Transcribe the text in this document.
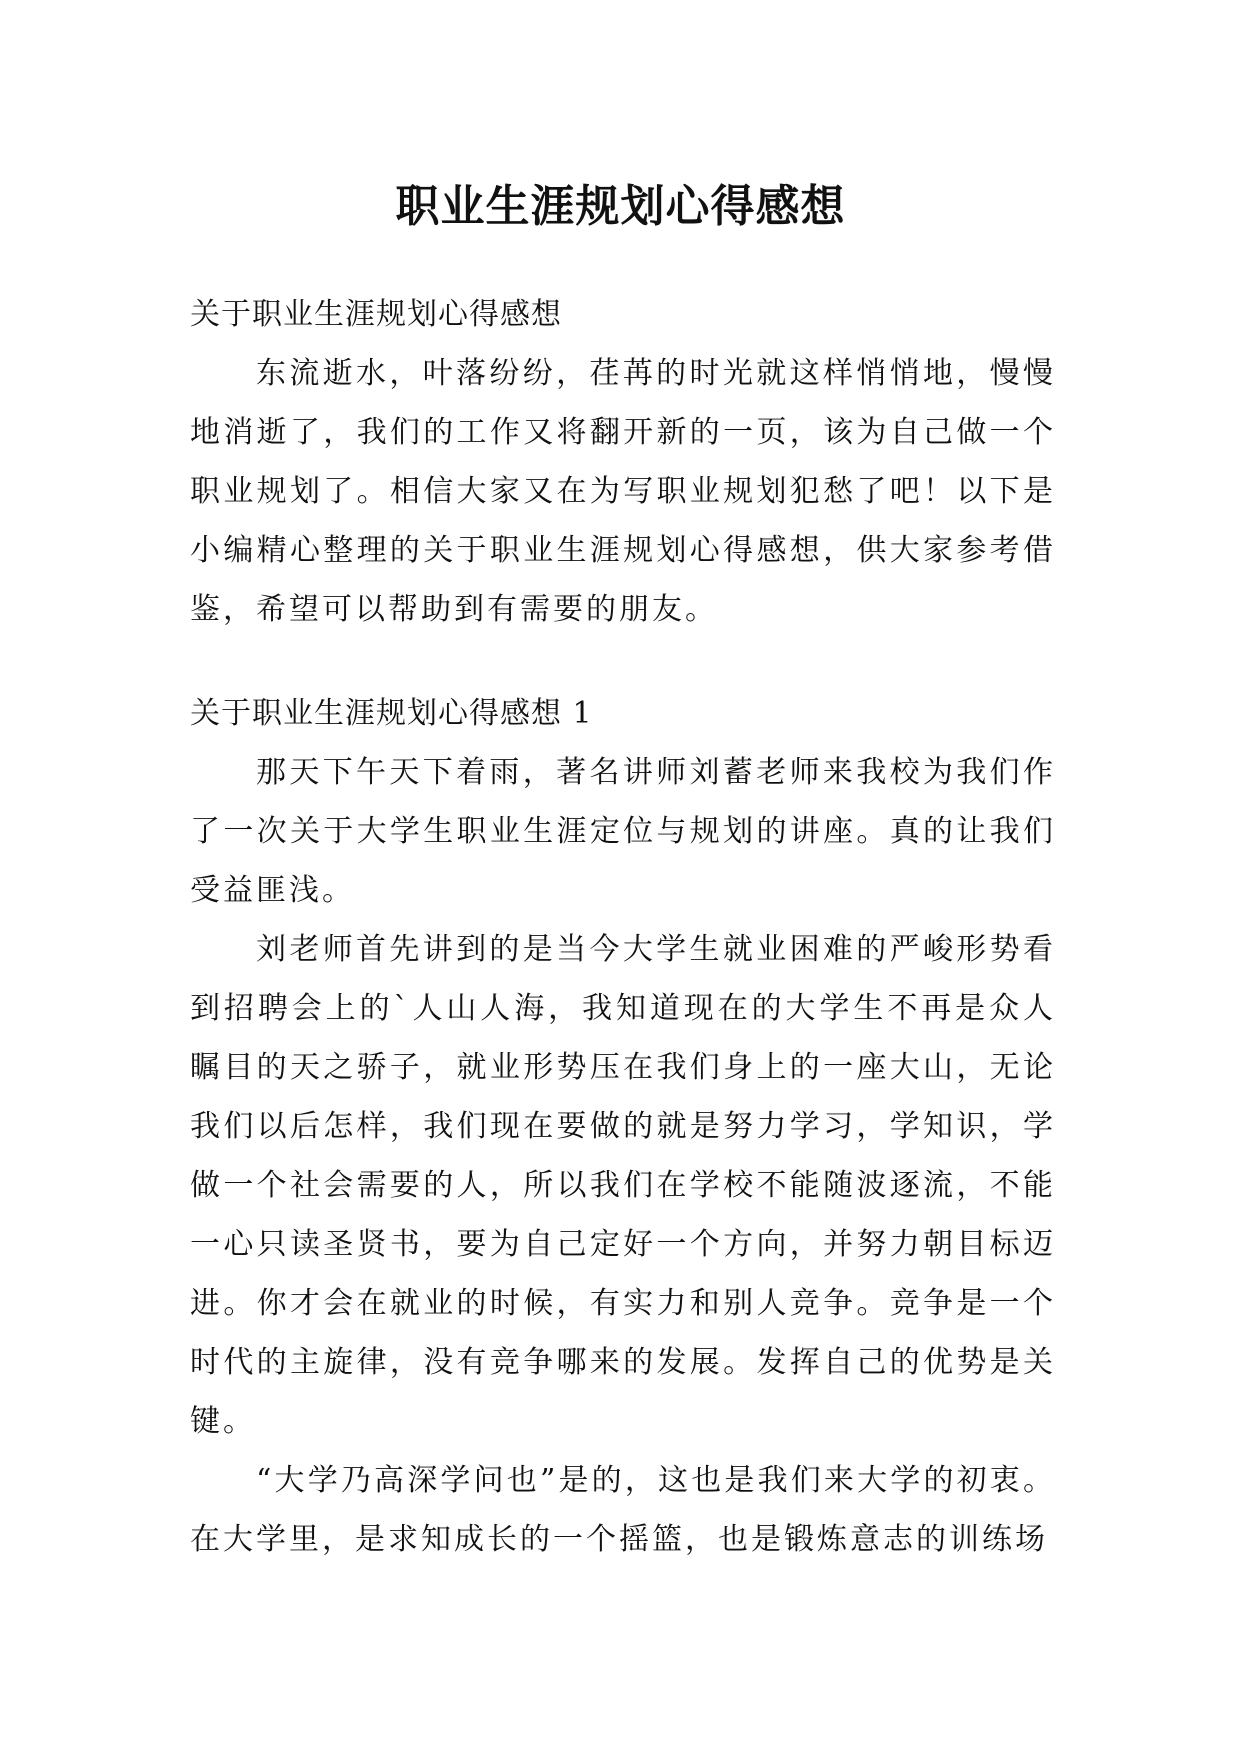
职业生涯规划心得感想
关于职业生涯规划心得感想

东流逝水，叶落纷纷，荏苒的时光就这样悄悄地，慢慢地消逝了，我们的工作又将翻开新的一页，该为自己做一个职业规划了。相信大家又在为写职业规划犯愁了吧！以下是小编精心整理的关于职业生涯规划心得感想，供大家参考借鉴，希望可以帮助到有需要的朋友。

关于职业生涯规划心得感想 1

那天下午天下着雨，著名讲师刘蓄老师来我校为我们作了一次关于大学生职业生涯定位与规划的讲座。真的让我们受益匪浅。

刘老师首先讲到的是当今大学生就业困难的严峻形势看到招聘会上的`人山人海，我知道现在的大学生不再是众人瞩目的天之骄子，就业形势压在我们身上的一座大山，无论我们以后怎样，我们现在要做的就是努力学习，学知识，学做一个社会需要的人，所以我们在学校不能随波逐流，不能一心只读圣贤书，要为自己定好一个方向，并努力朝目标迈进。你才会在就业的时候，有实力和别人竞争。竞争是一个时代的主旋律，没有竞争哪来的发展。发挥自己的优势是关键。

“大学乃高深学问也”是的，这也是我们来大学的初衷。在大学里，是求知成长的一个摇篮，也是锻炼意志的训练场
